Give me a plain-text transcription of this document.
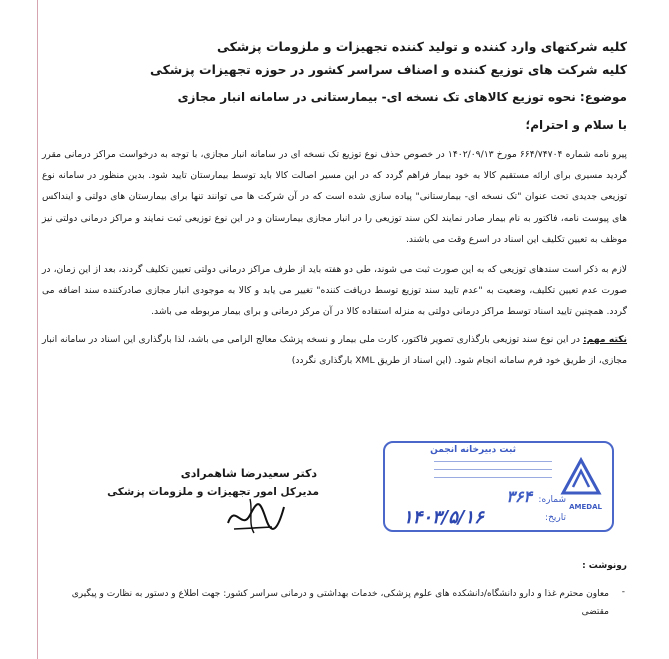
کلیه شرکتهای وارد کننده و تولید کننده تجهیزات و ملزومات پزشکی
کلیه شرکت های توزیع کننده و اصناف سراسر کشور در حوزه تجهیزات پزشکی
موضوع: نحوه توزیع کالاهای تک نسخه ای- بیمارستانی در سامانه انبار مجازی
با سلام و احترام؛
پیرو نامه شماره ۶۶۴/۷۴۷۰۴ مورخ ۱۴۰۲/۰۹/۱۳ در خصوص حذف نوع توزیع تک نسخه ای در سامانه انبار مجازی، با توجه به درخواست مراکز درمانی مقرر گردید مسیری برای ارائه مستقیم کالا به خود بیمار فراهم گردد که در این مسیر اصالت کالا باید توسط بیمارستان تایید شود. بدین منظور در سامانه نوع توزیعی جدیدی تحت عنوان "تک نسخه ای- بیمارستانی" پیاده سازی شده است که در آن شرکت ها می توانند تنها برای بیمارستان های دولتی و اینداکس های پیوست نامه، فاکتور به نام بیمار صادر نمایند لکن سند توزیعی را در انبار مجازی بیمارستان و در این نوع توزیعی ثبت نمایند و مراکز درمانی دولتی نیز موظف به تعیین تکلیف این اسناد در اسرع وقت می باشند.
لازم به ذکر است سندهای توزیعی که به این صورت ثبت می شوند، طی دو هفته باید از طرف مراکز درمانی دولتی تعیین تکلیف گردند، بعد از این زمان، در صورت عدم تعیین تکلیف، وضعیت به "عدم تایید سند توزیع توسط دریافت کننده" تغییر می یابد و کالا به موجودی انبار مجازی صادرکننده سند اضافه می گردد. همچنین تایید اسناد توسط مراکز درمانی دولتی به منزله استفاده کالا در آن مرکز درمانی و برای بیمار مربوطه می باشد.
نکته مهم: در این نوع سند توزیعی بارگذاری تصویر فاکتور، کارت ملی بیمار و نسخه پزشک معالج الزامی می باشد، لذا بارگذاری این اسناد در سامانه انبار مجازی، از طریق خود فرم سامانه انجام شود. (این اسناد از طریق XML بارگذاری نگردد)
دکتر سعیدرضا شاهمرادی
مدیرکل امور تجهیزات و ملزومات پزشکی
ثبت دبیرخانه انجمن
شماره:
۳۶۴
تاریخ:
AMEDAL
۱۴۰۳/۵/۱۶
رونوشت :
-
معاون محترم غذا و دارو دانشگاه/دانشکده های علوم پزشکی، خدمات بهداشتی و درمانی سراسر کشور: جهت اطلاع و دستور به نظارت و پیگیری مقتضی
